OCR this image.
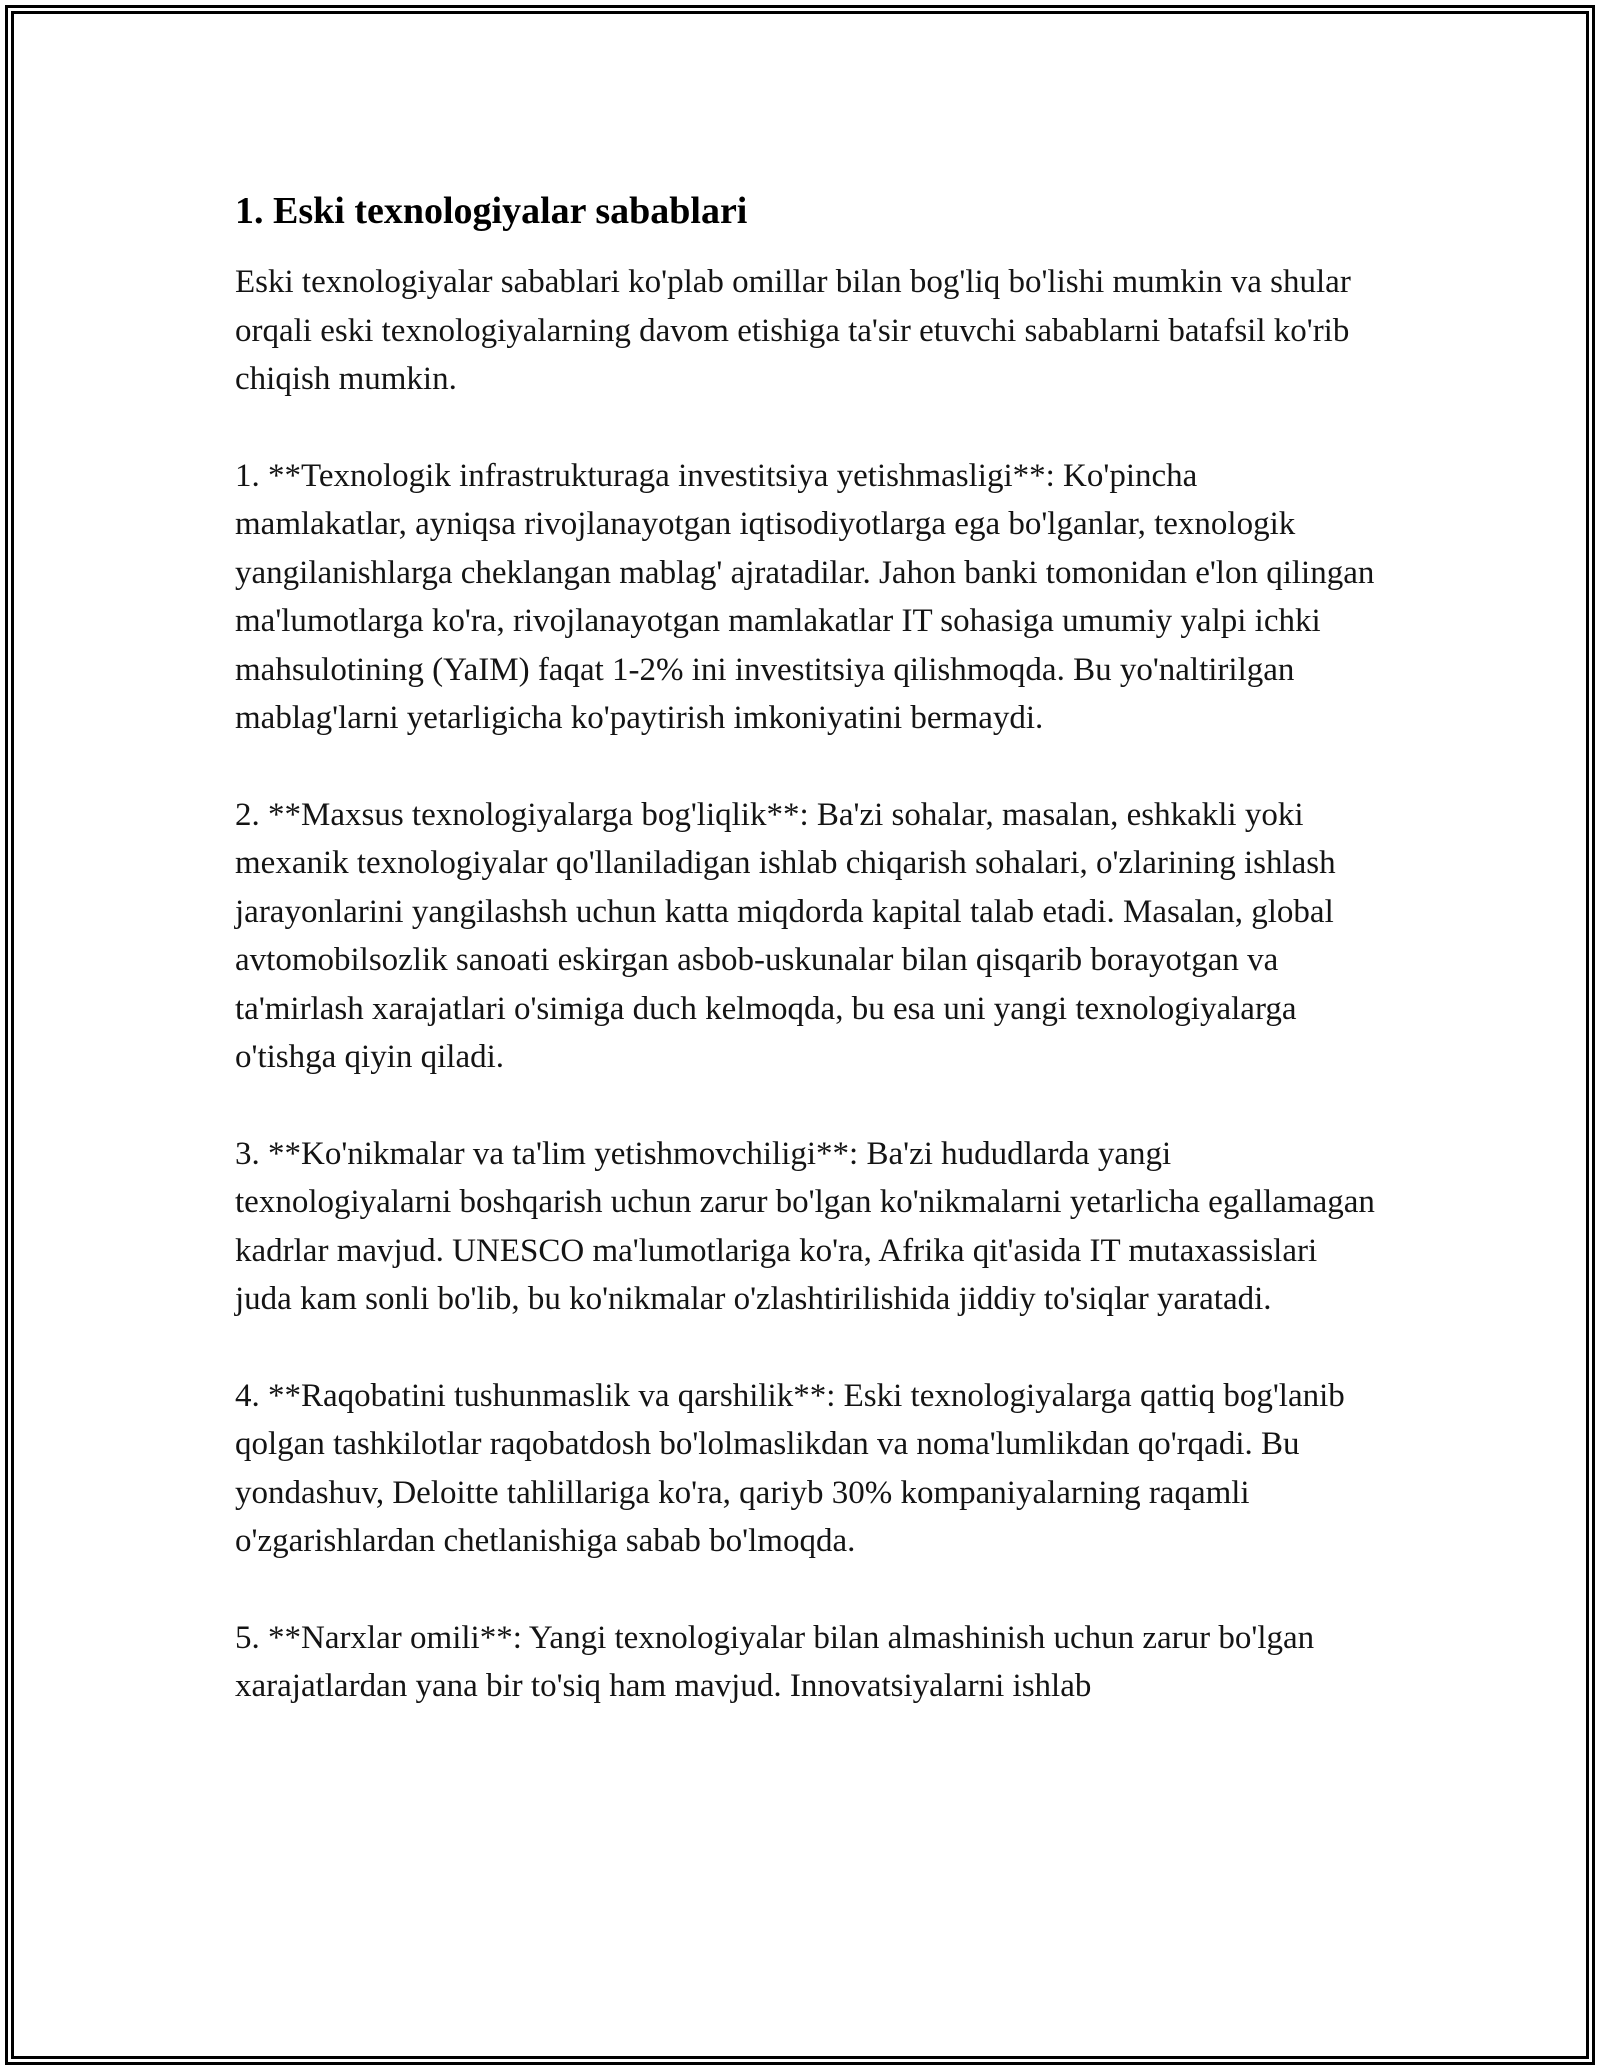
1. Eski texnologiyalar sabablari

Eski texnologiyalar sabablari ko'plab omillar bilan bog'liq bo'lishi mumkin va shular orqali eski texnologiyalarning davom etishiga ta'sir etuvchi sabablarni batafsil ko'rib chiqish mumkin.

1. **Texnologik infrastrukturaga investitsiya yetishmasligi**: Ko'pincha mamlakatlar, ayniqsa rivojlanayotgan iqtisodiyotlarga ega bo'lganlar, texnologik yangilanishlarga cheklangan mablag' ajratadilar. Jahon banki tomonidan e'lon qilingan ma'lumotlarga ko'ra, rivojlanayotgan mamlakatlar IT sohasiga umumiy yalpi ichki mahsulotining (YaIM) faqat 1-2% ini investitsiya qilishmoqda. Bu yo'naltirilgan mablag'larni yetarligicha ko'paytirish imkoniyatini bermaydi.

2. **Maxsus texnologiyalarga bog'liqlik**: Ba'zi sohalar, masalan, eshkakli yoki mexanik texnologiyalar qo'llaniladigan ishlab chiqarish sohalari, o'zlarining ishlash jarayonlarini yangilashsh uchun katta miqdorda kapital talab etadi. Masalan, global avtomobilsozlik sanoati eskirgan asbob-uskunalar bilan qisqarib borayotgan va ta'mirlash xarajatlari o'simiga duch kelmoqda, bu esa uni yangi texnologiyalarga o'tishga qiyin qiladi.

3. **Ko'nikmalar va ta'lim yetishmovchiligi**: Ba'zi hududlarda yangi texnologiyalarni boshqarish uchun zarur bo'lgan ko'nikmalarni yetarlicha egallamagan kadrlar mavjud. UNESCO ma'lumotlariga ko'ra, Afrika qit'asida IT mutaxassislari juda kam sonli bo'lib, bu ko'nikmalar o'zlashtirilishida jiddiy to'siqlar yaratadi.

4. **Raqobatini tushunmaslik va qarshilik**: Eski texnologiyalarga qattiq bog'lanib qolgan tashkilotlar raqobatdosh bo'lolmaslikdan va noma'lumlikdan qo'rqadi. Bu yondashuv, Deloitte tahlillariga ko'ra, qariyb 30% kompaniyalarning raqamli o'zgarishlardan chetlanishiga sabab bo'lmoqda.

5. **Narxlar omili**: Yangi texnologiyalar bilan almashinish uchun zarur bo'lgan xarajatlardan yana bir to'siq ham mavjud. Innovatsiyalarni ishlab
